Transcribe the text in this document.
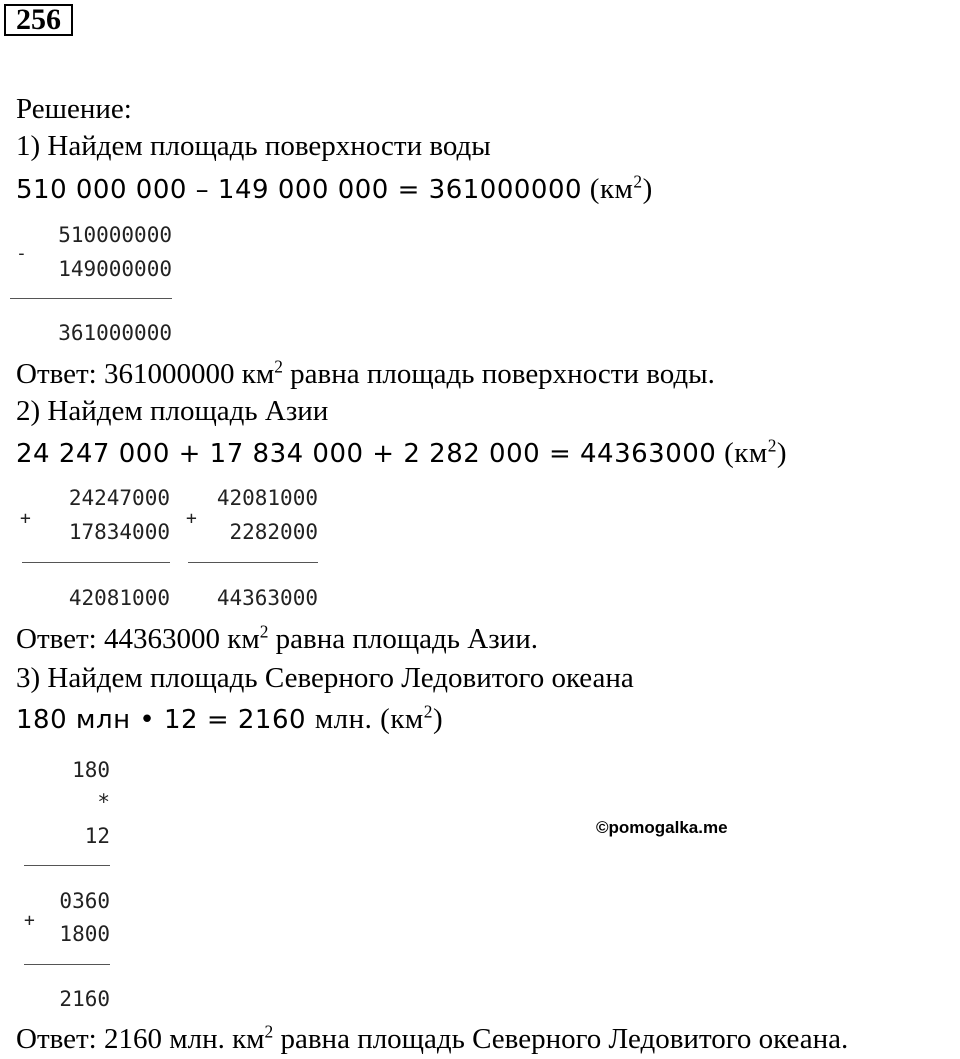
256
Решение:
1) Найдем площадь поверхности воды
510 000 000 – 149 000 000 = 361000000 $(км^2)$
-
510000000
149000000
361000000
Ответ: 361000000 $км^2$ равна площадь поверхности воды.
2) Найдем площадь Азии
24 247 000 + 17 834 000 + 2 282 000 = 44363000 $(км^2)$
+
24247000
17834000
42081000
+
42081000
2282000
44363000
Ответ: 44363000 $км^2$ равна площадь Азии.
3) Найдем площадь Северного Ледовитого океана
180 млн • 12 = 2160 млн. $(км^2)$
180
*
12
+
0360
1800
2160
©pomogalka.me
Ответ: 2160 млн. $км^2$ равна площадь Северного Ледовитого океана.
